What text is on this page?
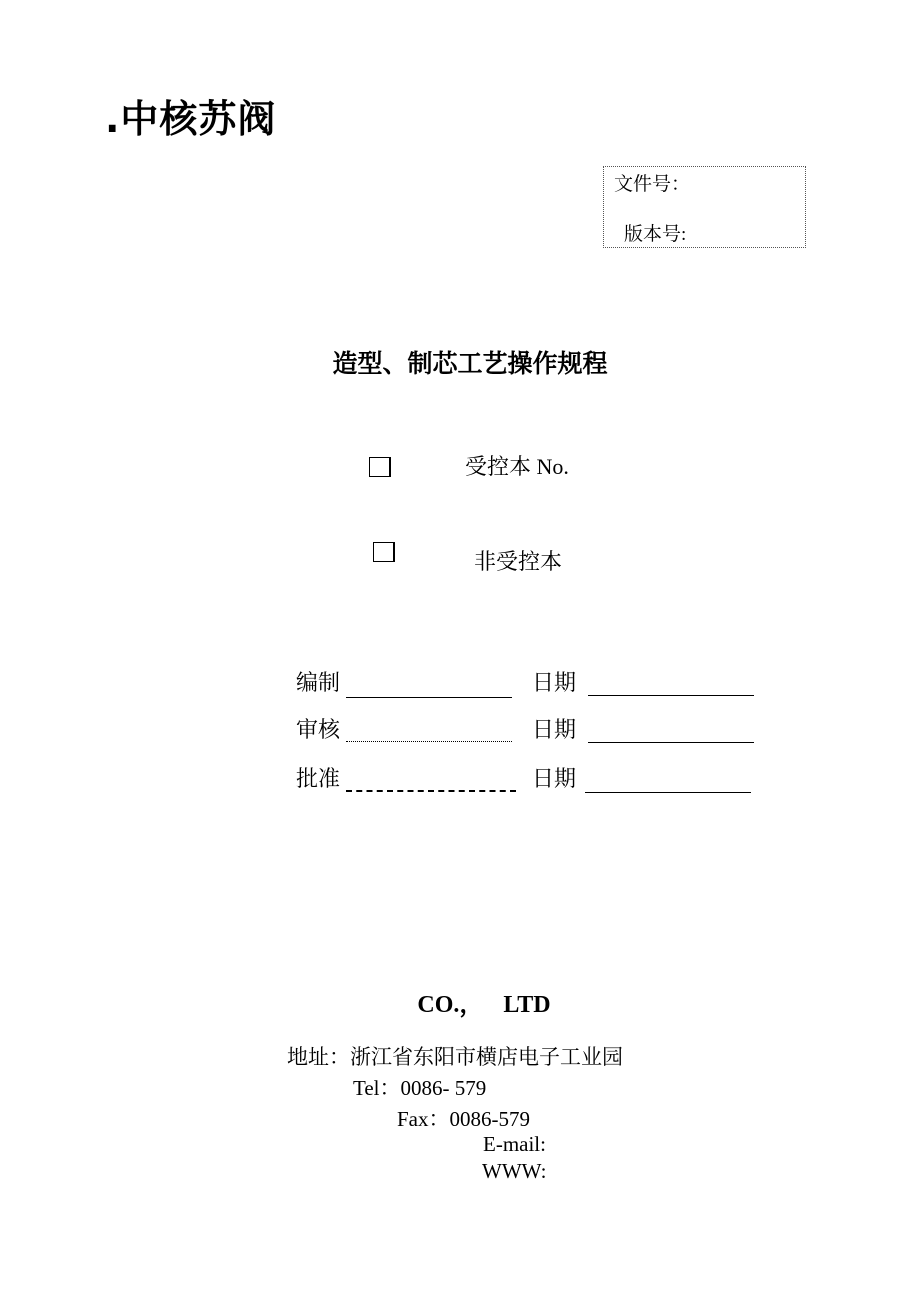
.中核苏阀
文件号：
版本号:
造型、制芯工艺操作规程
受控本 No.
非受控本
编制	日期
审核	日期
批准	日期
CO.， LTD
地址：浙江省东阳市横店电子工业园
Tel：0086- 579
Fax：0086-579
E-mail:
WWW:
